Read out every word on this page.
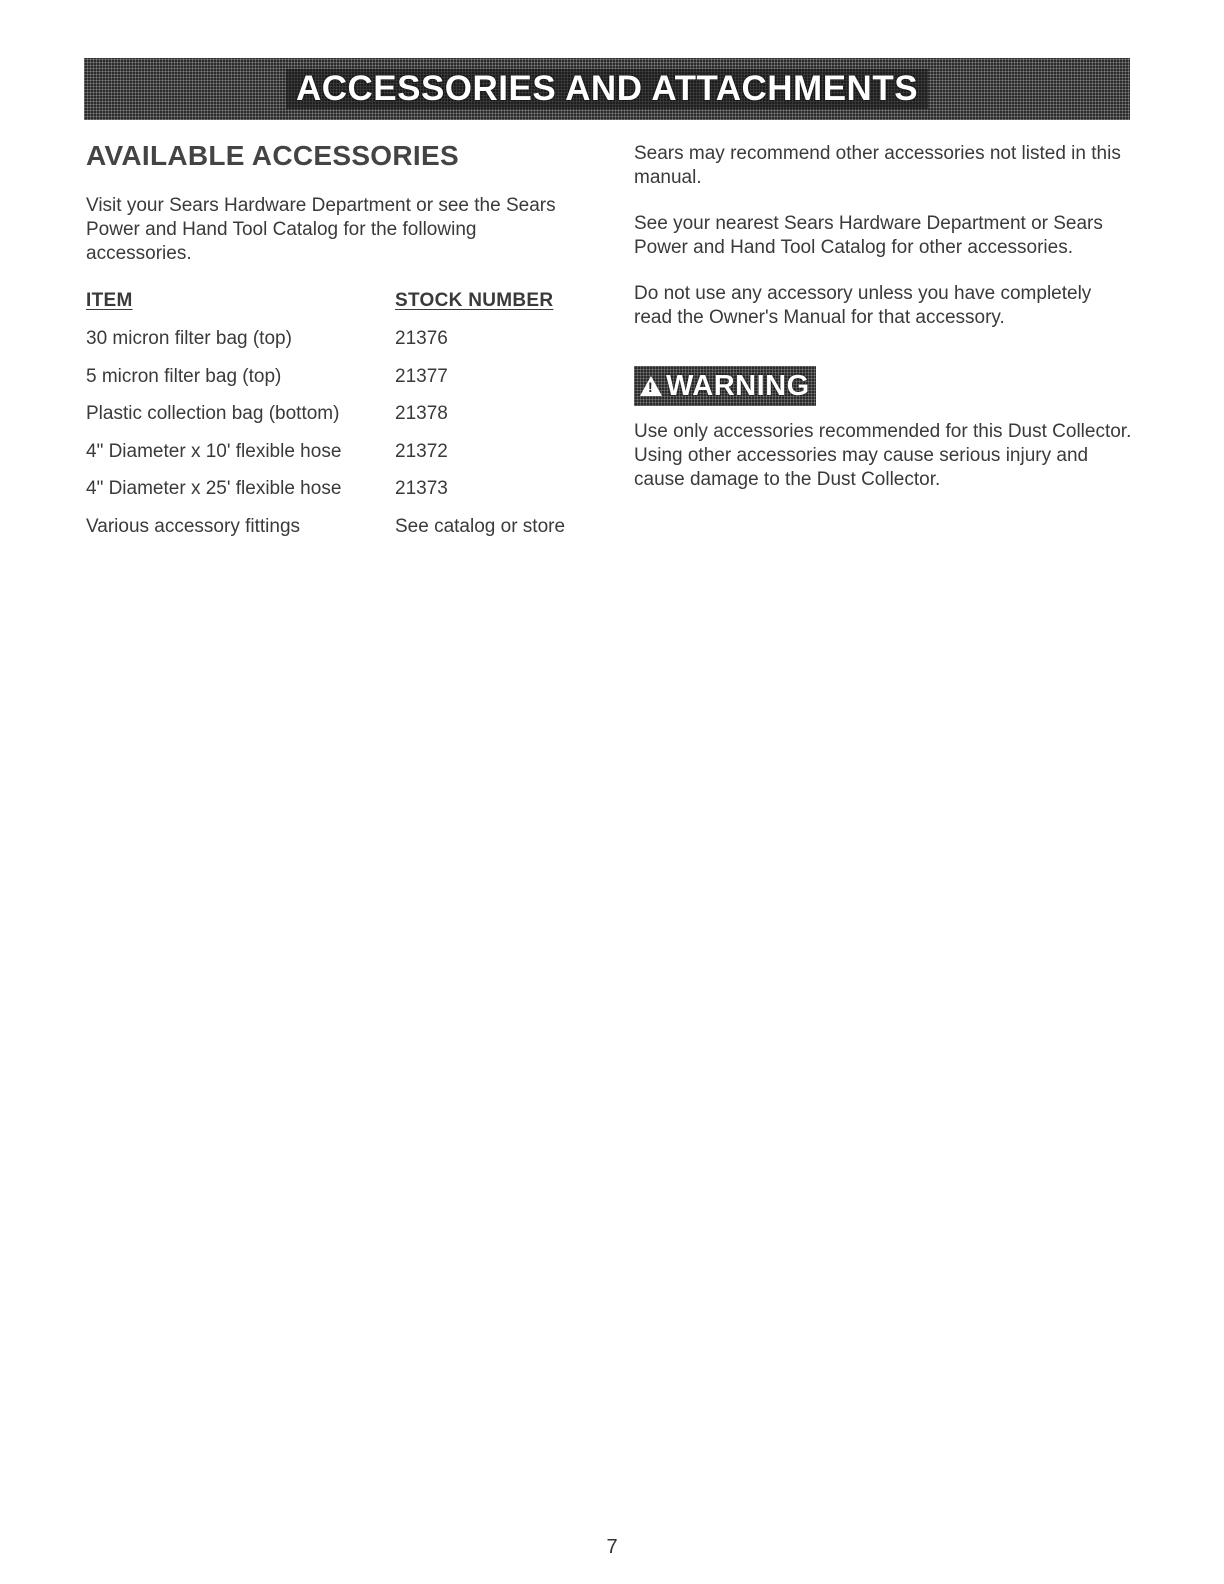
ACCESSORIES AND ATTACHMENTS
AVAILABLE ACCESSORIES

Visit your Sears Hardware Department or see the Sears Power and Hand Tool Catalog for the following accessories.

ITEM	STOCK NUMBER
30 micron filter bag (top)	21376
5 micron filter bag (top)	21377
Plastic collection bag (bottom)	21378
4" Diameter x 10' flexible hose	21372
4" Diameter x 25' flexible hose	21373
Various accessory fittings	See catalog or store

Sears may recommend other accessories not listed in this manual.

See your nearest Sears Hardware Department or Sears Power and Hand Tool Catalog for other accessories.

Do not use any accessory unless you have completely read the Owner's Manual for that accessory.

!
WARNING

Use only accessories recommended for this Dust Collector. Using other accessories may cause serious injury and cause damage to the Dust Collector.

7
